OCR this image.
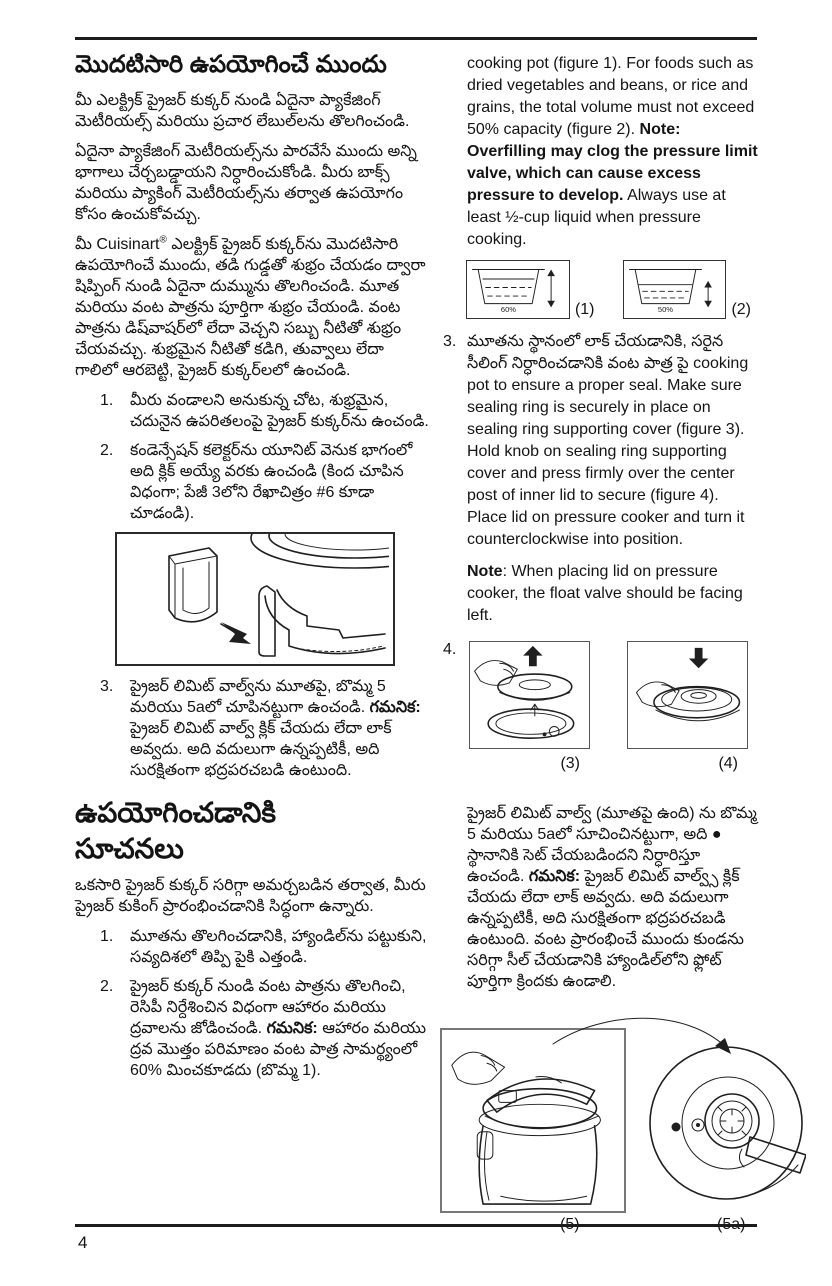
మొదటిసారి ఉపయోగించే ముందు

మీ ఎలక్ట్రిక్ ప్రైజర్ కుక్కర్ నుండి ఏదైనా ప్యాకేజింగ్ మెటీరియల్స్ మరియు ప్రచార లేబుల్‌లను తొలగించండి.

ఏదైనా ప్యాకేజింగ్ మెటీరియల్స్‌ను పారవేసే ముందు అన్ని భాగాలు చేర్చబడ్డాయని నిర్ధారించుకోండి. మీరు బాక్స్ మరియు ప్యాకింగ్ మెటీరియల్స్‌ను తర్వాత ఉపయోగం కోసం ఉంచుకోవచ్చు.

మీ Cuisinart® ఎలక్ట్రిక్ ప్రైజర్ కుక్కర్‌ను మొదటిసారి ఉపయోగించే ముందు, తడి గుడ్డతో శుభ్రం చేయడం ద్వారా షిప్పింగ్ నుండి ఏదైనా దుమ్మును తొలగించండి. మూత మరియు వంట పాత్రను పూర్తిగా శుభ్రం చేయండి. వంట పాత్రను డిష్‌వాషర్‌లో లేదా వెచ్చని సబ్బు నీటితో శుభ్రం చేయవచ్చు. శుభ్రమైన నీటితో కడిగి, తువ్వాలు లేదా గాలిలో ఆరబెట్టి, ప్రైజర్ కుక్కర్‌లలో ఉంచండి.

1.	మీరు వండాలని అనుకున్న చోట, శుభ్రమైన, చదునైన ఉపరితలంపై ప్రైజర్ కుక్కర్‌ను ఉంచండి.
2.	కండెన్సేషన్ కలెక్టర్‌ను యూనిట్ వెనుక భాగంలో అది క్లిక్ అయ్యే వరకు ఉంచండి (కింద చూపిన విధంగా; పేజీ 3లోని రేఖాచిత్రం #6 కూడా చూడండి).
3.	ప్రైజర్ లిమిట్ వాల్వ్‌ను మూతపై, బొమ్మ 5 మరియు 5aలో చూపినట్టుగా ఉంచండి. గమనిక: ప్రైజర్ లిమిట్ వాల్వ్ క్లిక్ చేయదు లేదా లాక్ అవ్వదు. అది వదులుగా ఉన్నప్పటికీ, అది సురక్షితంగా భద్రపరచబడి ఉంటుంది.
ఉపయోగించడానికి
సూచనలు

ఒకసారి ప్రైజర్ కుక్కర్ సరిగ్గా అమర్చబడిన తర్వాత, మీరు ప్రైజర్ కుకింగ్ ప్రారంభించడానికి సిద్ధంగా ఉన్నారు.

1.	మూతను తొలగించడానికి, హ్యాండిల్‌ను పట్టుకుని, సవ్యదిశలో తిప్పి పైకి ఎత్తండి.
2.	ప్రైజర్ కుక్కర్ నుండి వంట పాత్రను తొలగించి, రెసిపీ నిర్దేశించిన విధంగా ఆహారం మరియు ద్రవాలను జోడించండి. గమనిక: ఆహారం మరియు ద్రవ మొత్తం పరిమాణం వంట పాత్ర సామర్థ్యంలో 60% మించకూడదు (బొమ్మ 1).

cooking pot (figure 1). For foods such as dried vegetables and beans, or rice and grains, the total volume must not exceed 50% capacity (figure 2). Note: Overfilling may clog the pressure limit valve, which can cause excess pressure to develop. Always use at least ½-cup liquid when pressure cooking.

60%	(1)	50%	(2)
3. మూతను స్థానంలో లాక్ చేయడానికి, సరైన సీలింగ్ నిర్ధారించడానికి వంట పాత్ర పై cooking pot to ensure a proper seal. Make sure sealing ring is securely in place on sealing ring supporting cover (figure 3). Hold knob on sealing ring supporting cover and press firmly over the center post of inner lid to secure (figure 4). Place lid on pressure cooker and turn it counterclockwise into position.

Note: When placing lid on pressure cooker, the float valve should be facing left.

4.
(3)	(4)

ప్రైజర్ లిమిట్ వాల్వ్ (మూతపై ఉంది) ను బొమ్మ 5 మరియు 5aలో సూచించినట్టుగా, అది ● స్థానానికి సెట్ చేయబడిందని నిర్ధారిస్తూ ఉంచండి. గమనిక: ప్రైజర్ లిమిట్ వాల్వ్స్ క్లిక్ చేయదు లేదా లాక్ అవ్వదు. అది వదులుగా ఉన్నప్పటికీ, అది సురక్షితంగా భద్రపరచబడి ఉంటుంది. వంట ప్రారంభించే ముందు కుండను సరిగ్గా సీల్ చేయడానికి హ్యాండిల్‌లోని ఫ్లోట్ పూర్తిగా క్రిందకు ఉండాలి.

4
